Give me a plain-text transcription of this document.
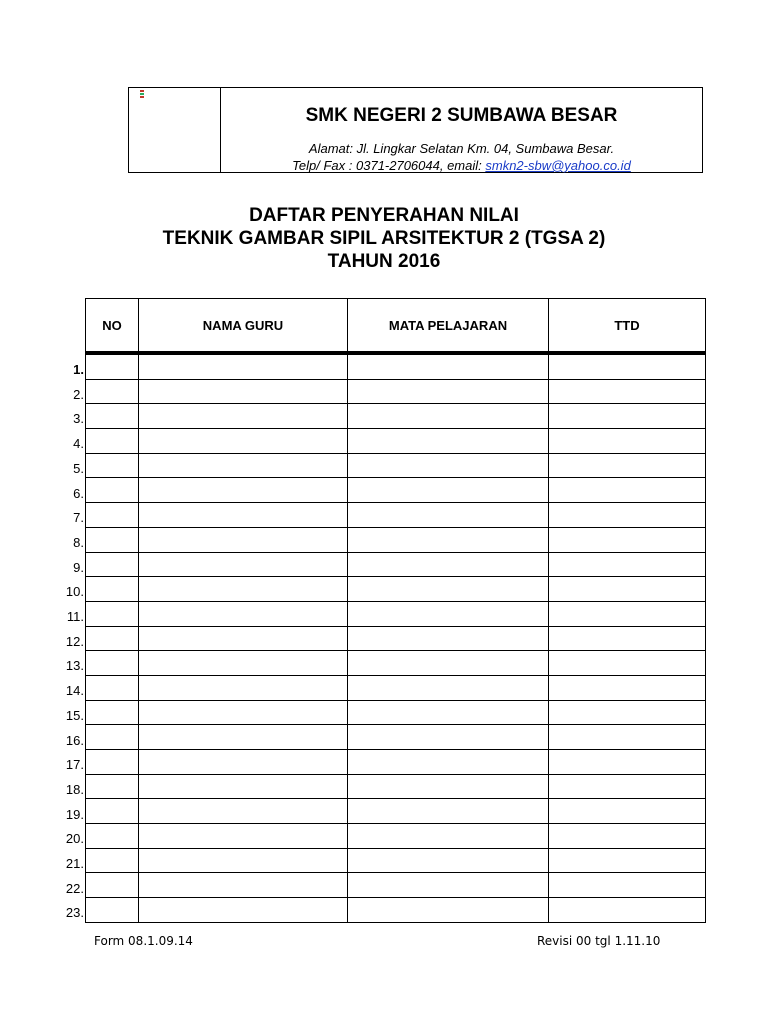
SMK NEGERI 2 SUMBAWA BESAR
Alamat: Jl. Lingkar Selatan Km. 04, Sumbawa Besar.
Telp/ Fax : 0371-2706044, email: smkn2-sbw@yahoo.co.id
DAFTAR PENYERAHAN NILAI
TEKNIK GAMBAR SIPIL ARSITEKTUR 2 (TGSA 2)
TAHUN 2016
NO	NAMA GURU	MATA PELAJARAN	TTD

1.
2.
3.
4.
5.
6.
7.
8.
9.
10.
11.
12.
13.
14.
15.
16.
17.
18.
19.
20.
21.
22.
23.
Form 08.1.09.14	Revisi 00 tgl 1.11.10
